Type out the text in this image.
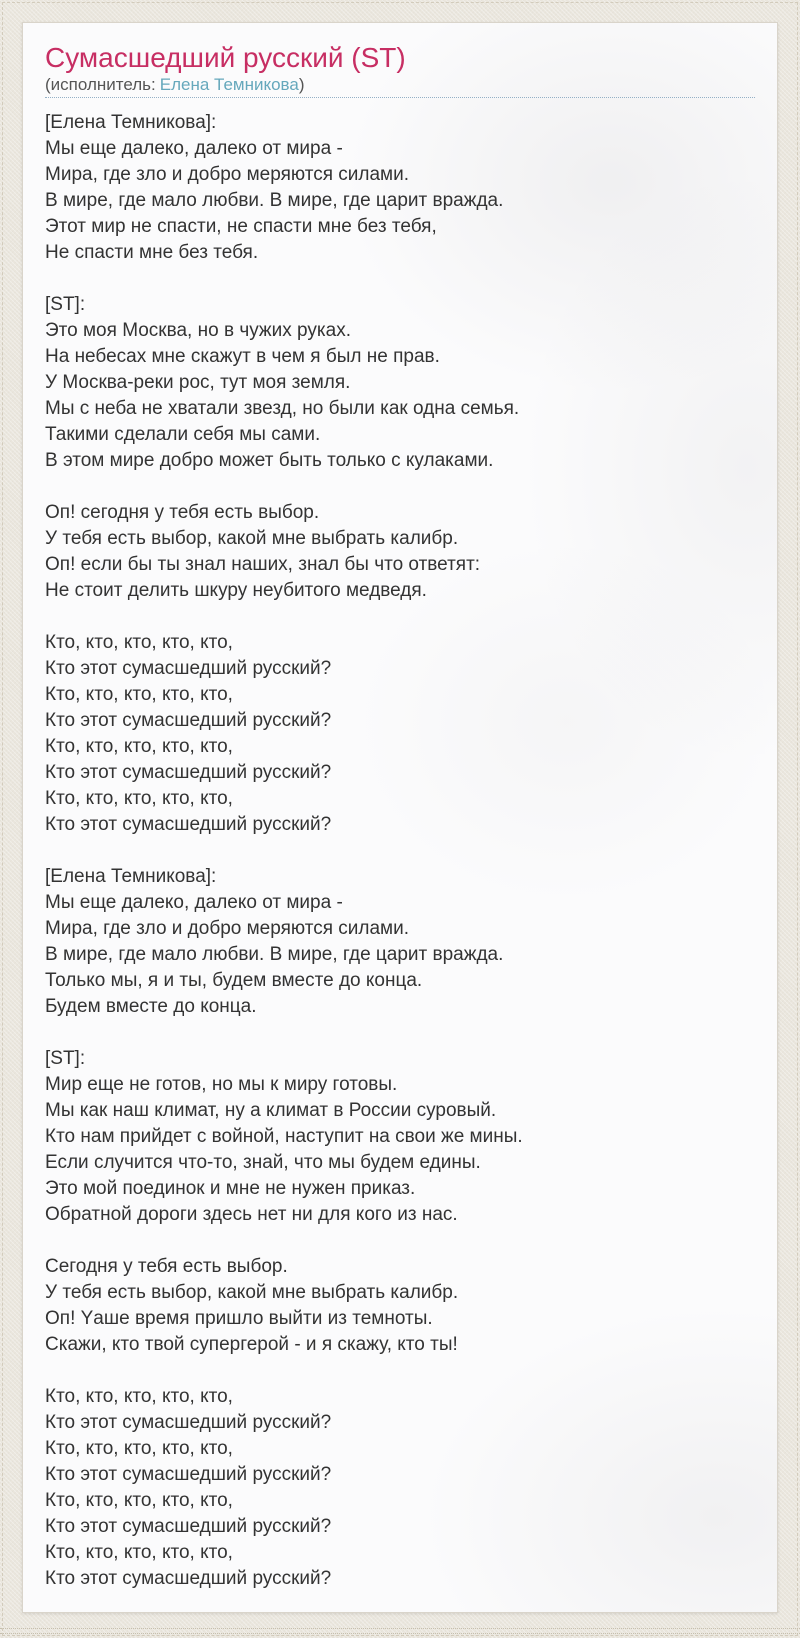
Сумасшедший русский (ST)
(исполнитель: Елена Темникова)
[Елена Темникова]:
Мы еще далеко, далеко от мира -
Мира, где зло и добро меряются силами.
В мире, где мало любви. В мире, где царит вражда.
Этот мир не спасти, не спасти мне без тебя,
Не спасти мне без тебя.
[ST]:
Это моя Москва, но в чужих руках.
На небесах мне скажут в чем я был не прав.
У Москва-реки рос, тут моя земля.
Мы с неба не хватали звезд, но были как одна семья.
Такими сделали себя мы сами.
В этом мире добро может быть только с кулаками.
Оп! сегодня у тебя есть выбор.
У тебя есть выбор, какой мне выбрать калибр.
Оп! если бы ты знал наших, знал бы что ответят:
Не стоит делить шкуру неубитого медведя.
Кто, кто, кто, кто, кто,
Кто этот сумасшедший русский?
Кто, кто, кто, кто, кто,
Кто этот сумасшедший русский?
Кто, кто, кто, кто, кто,
Кто этот сумасшедший русский?
Кто, кто, кто, кто, кто,
Кто этот сумасшедший русский?
[Елена Темникова]:
Мы еще далеко, далеко от мира -
Мира, где зло и добро меряются силами.
В мире, где мало любви. В мире, где царит вражда.
Только мы, я и ты, будем вместе до конца.
Будем вместе до конца.
[ST]:
Мир еще не готов, но мы к миру готовы.
Мы как наш климат, ну а климат в России суровый.
Кто нам прийдет с войной, наступит на свои же мины.
Если случится что-то, знай, что мы будем едины.
Это мой поединок и мне не нужен приказ.
Обратной дороги здесь нет ни для кого из нас.
Сегодня у тебя есть выбор.
У тебя есть выбор, какой мне выбрать калибр.
Оп! Yаше время пришло выйти из темноты.
Скажи, кто твой супергерой - и я скажу, кто ты!
Кто, кто, кто, кто, кто,
Кто этот сумасшедший русский?
Кто, кто, кто, кто, кто,
Кто этот сумасшедший русский?
Кто, кто, кто, кто, кто,
Кто этот сумасшедший русский?
Кто, кто, кто, кто, кто,
Кто этот сумасшедший русский?
